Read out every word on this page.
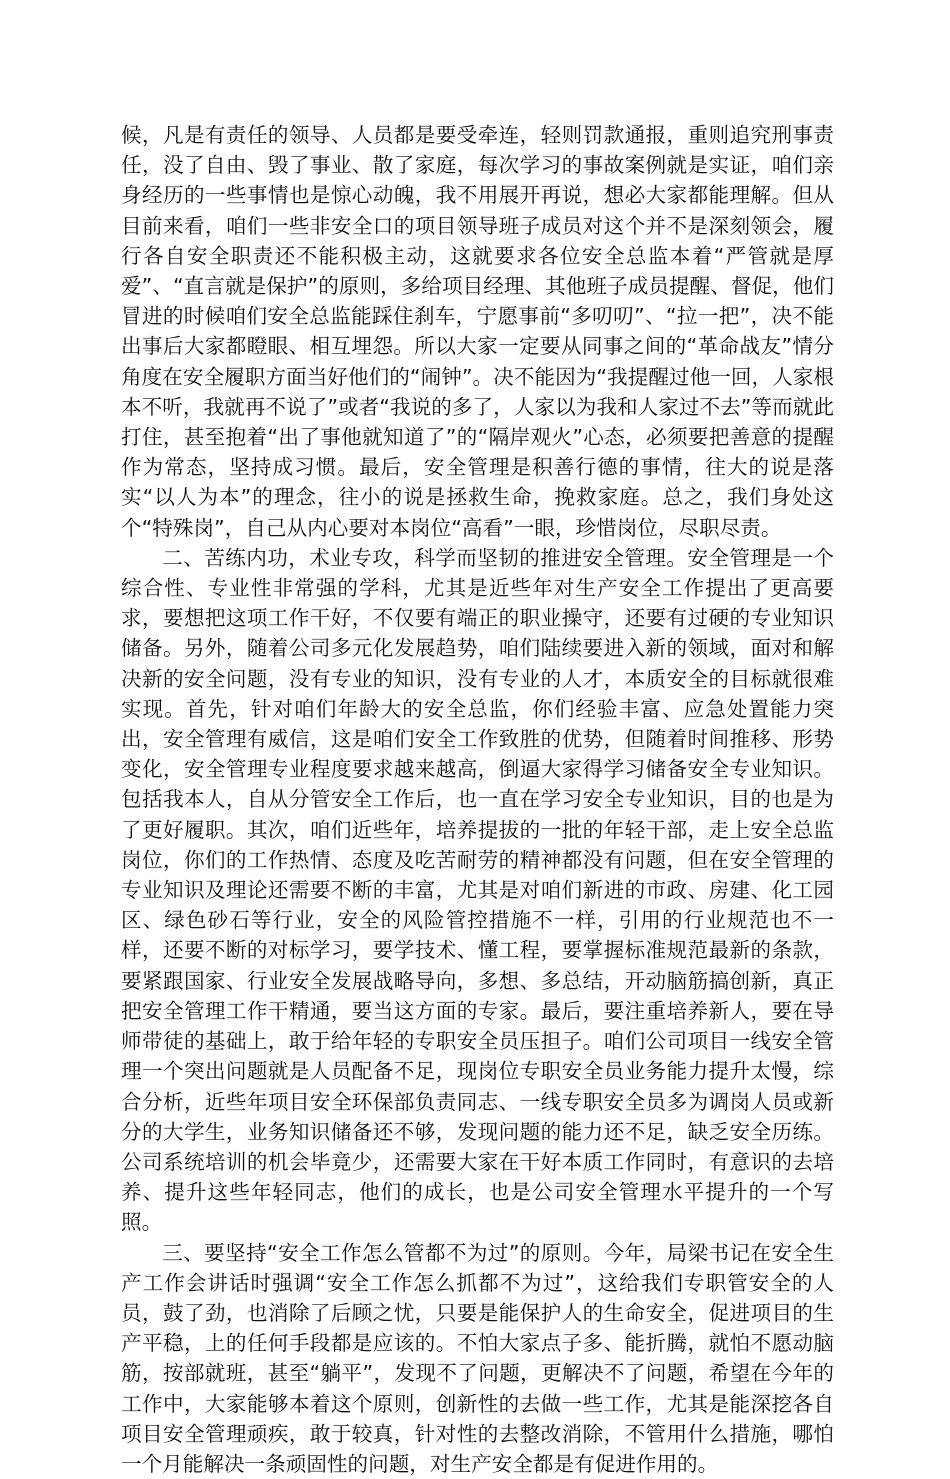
候，凡是有责任的领导、人员都是要受牵连，轻则罚款通报，重则追究刑事责任，没了自由、毁了事业、散了家庭，每次学习的事故案例就是实证，咱们亲身经历的一些事情也是惊心动魄，我不用展开再说，想必大家都能理解。但从目前来看，咱们一些非安全口的项目领导班子成员对这个并不是深刻领会，履行各自安全职责还不能积极主动，这就要求各位安全总监本着“严管就是厚爱”、“直言就是保护”的原则，多给项目经理、其他班子成员提醒、督促，他们冒进的时候咱们安全总监能踩住刹车，宁愿事前“多叨叨”、“拉一把”，决不能出事后大家都瞪眼、相互埋怨。所以大家一定要从同事之间的“革命战友”情分角度在安全履职方面当好他们的“闹钟”。决不能因为“我提醒过他一回，人家根本不听，我就再不说了”或者“我说的多了，人家以为我和人家过不去”等而就此打住，甚至抱着“出了事他就知道了”的“隔岸观火”心态，必须要把善意的提醒作为常态，坚持成习惯。最后，安全管理是积善行德的事情，往大的说是落实“以人为本”的理念，往小的说是拯救生命，挽救家庭。总之，我们身处这个“特殊岗”，自己从内心要对本岗位“高看”一眼，珍惜岗位，尽职尽责。

二、苦练内功，术业专攻，科学而坚韧的推进安全管理。安全管理是一个综合性、专业性非常强的学科，尤其是近些年对生产安全工作提出了更高要求，要想把这项工作干好，不仅要有端正的职业操守，还要有过硬的专业知识储备。另外，随着公司多元化发展趋势，咱们陆续要进入新的领域，面对和解决新的安全问题，没有专业的知识，没有专业的人才，本质安全的目标就很难实现。首先，针对咱们年龄大的安全总监，你们经验丰富、应急处置能力突出，安全管理有威信，这是咱们安全工作致胜的优势，但随着时间推移、形势变化，安全管理专业程度要求越来越高，倒逼大家得学习储备安全专业知识。包括我本人，自从分管安全工作后，也一直在学习安全专业知识，目的也是为了更好履职。其次，咱们近些年，培养提拔的一批的年轻干部，走上安全总监岗位，你们的工作热情、态度及吃苦耐劳的精神都没有问题，但在安全管理的专业知识及理论还需要不断的丰富，尤其是对咱们新进的市政、房建、化工园区、绿色砂石等行业，安全的风险管控措施不一样，引用的行业规范也不一样，还要不断的对标学习，要学技术、懂工程，要掌握标准规范最新的条款，要紧跟国家、行业安全发展战略导向，多想、多总结，开动脑筋搞创新，真正把安全管理工作干精通，要当这方面的专家。最后，要注重培养新人，要在导师带徒的基础上，敢于给年轻的专职安全员压担子。咱们公司项目一线安全管理一个突出问题就是人员配备不足，现岗位专职安全员业务能力提升太慢，综合分析，近些年项目安全环保部负责同志、一线专职安全员多为调岗人员或新分的大学生，业务知识储备还不够，发现问题的能力还不足，缺乏安全历练。公司系统培训的机会毕竟少，还需要大家在干好本质工作同时，有意识的去培养、提升这些年轻同志，他们的成长，也是公司安全管理水平提升的一个写照。

三、要坚持“安全工作怎么管都不为过”的原则。今年，局梁书记在安全生产工作会讲话时强调“安全工作怎么抓都不为过”，这给我们专职管安全的人员，鼓了劲，也消除了后顾之忧，只要是能保护人的生命安全，促进项目的生产平稳，上的任何手段都是应该的。不怕大家点子多、能折腾，就怕不愿动脑筋，按部就班，甚至“躺平”，发现不了问题，更解决不了问题，希望在今年的工作中，大家能够本着这个原则，创新性的去做一些工作，尤其是能深挖各自项目安全管理顽疾，敢于较真，针对性的去整改消除，不管用什么措施，哪怕一个月能解决一条顽固性的问题，对生产安全都是有促进作用的。
